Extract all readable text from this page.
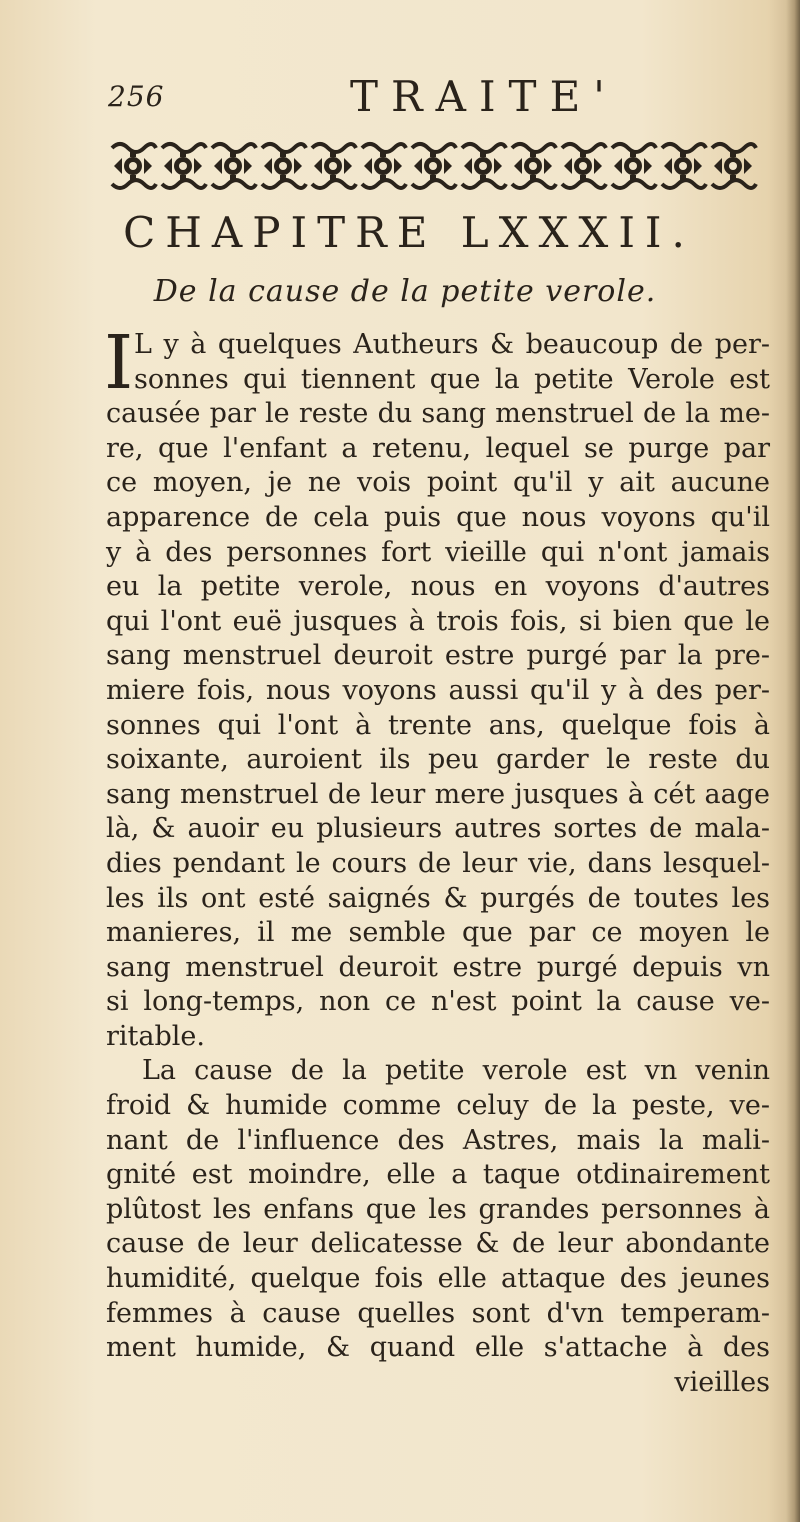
256	TRAITE'
CHAPITRE LXXXII.
De la cause de la petite verole.
I L y à quelques Autheurs & beaucoup de per-
sonnes qui tiennent que la petite Verole est
causée par le reste du sang menstruel de la me-
re, que l'enfant a retenu, lequel se purge par
ce moyen, je ne vois point qu'il y ait aucune
apparence de cela puis que nous voyons qu'il
y à des personnes fort vieille qui n'ont jamais
eu la petite verole, nous en voyons d'autres
qui l'ont euë jusques à trois fois, si bien que le
sang menstruel deuroit estre purgé par la pre-
miere fois, nous voyons aussi qu'il y à des per-
sonnes qui l'ont à trente ans, quelque fois à
soixante, auroient ils peu garder le reste du
sang menstruel de leur mere jusques à cét aage
là, & auoir eu plusieurs autres sortes de mala-
dies pendant le cours de leur vie, dans lesquel-
les ils ont esté saignés & purgés de toutes les
manieres, il me semble que par ce moyen le
sang menstruel deuroit estre purgé depuis vn
si long-temps, non ce n'est point la cause ve-
ritable.
La cause de la petite verole est vn venin
froid & humide comme celuy de la peste, ve-
nant de l'influence des Astres, mais la mali-
gnité est moindre, elle a taque otdinairement
plûtost les enfans que les grandes personnes à
cause de leur delicatesse & de leur abondante
humidité, quelque fois elle attaque des jeunes
femmes à cause quelles sont d'vn temperam-
ment humide, & quand elle s'attache à des
vieilles
